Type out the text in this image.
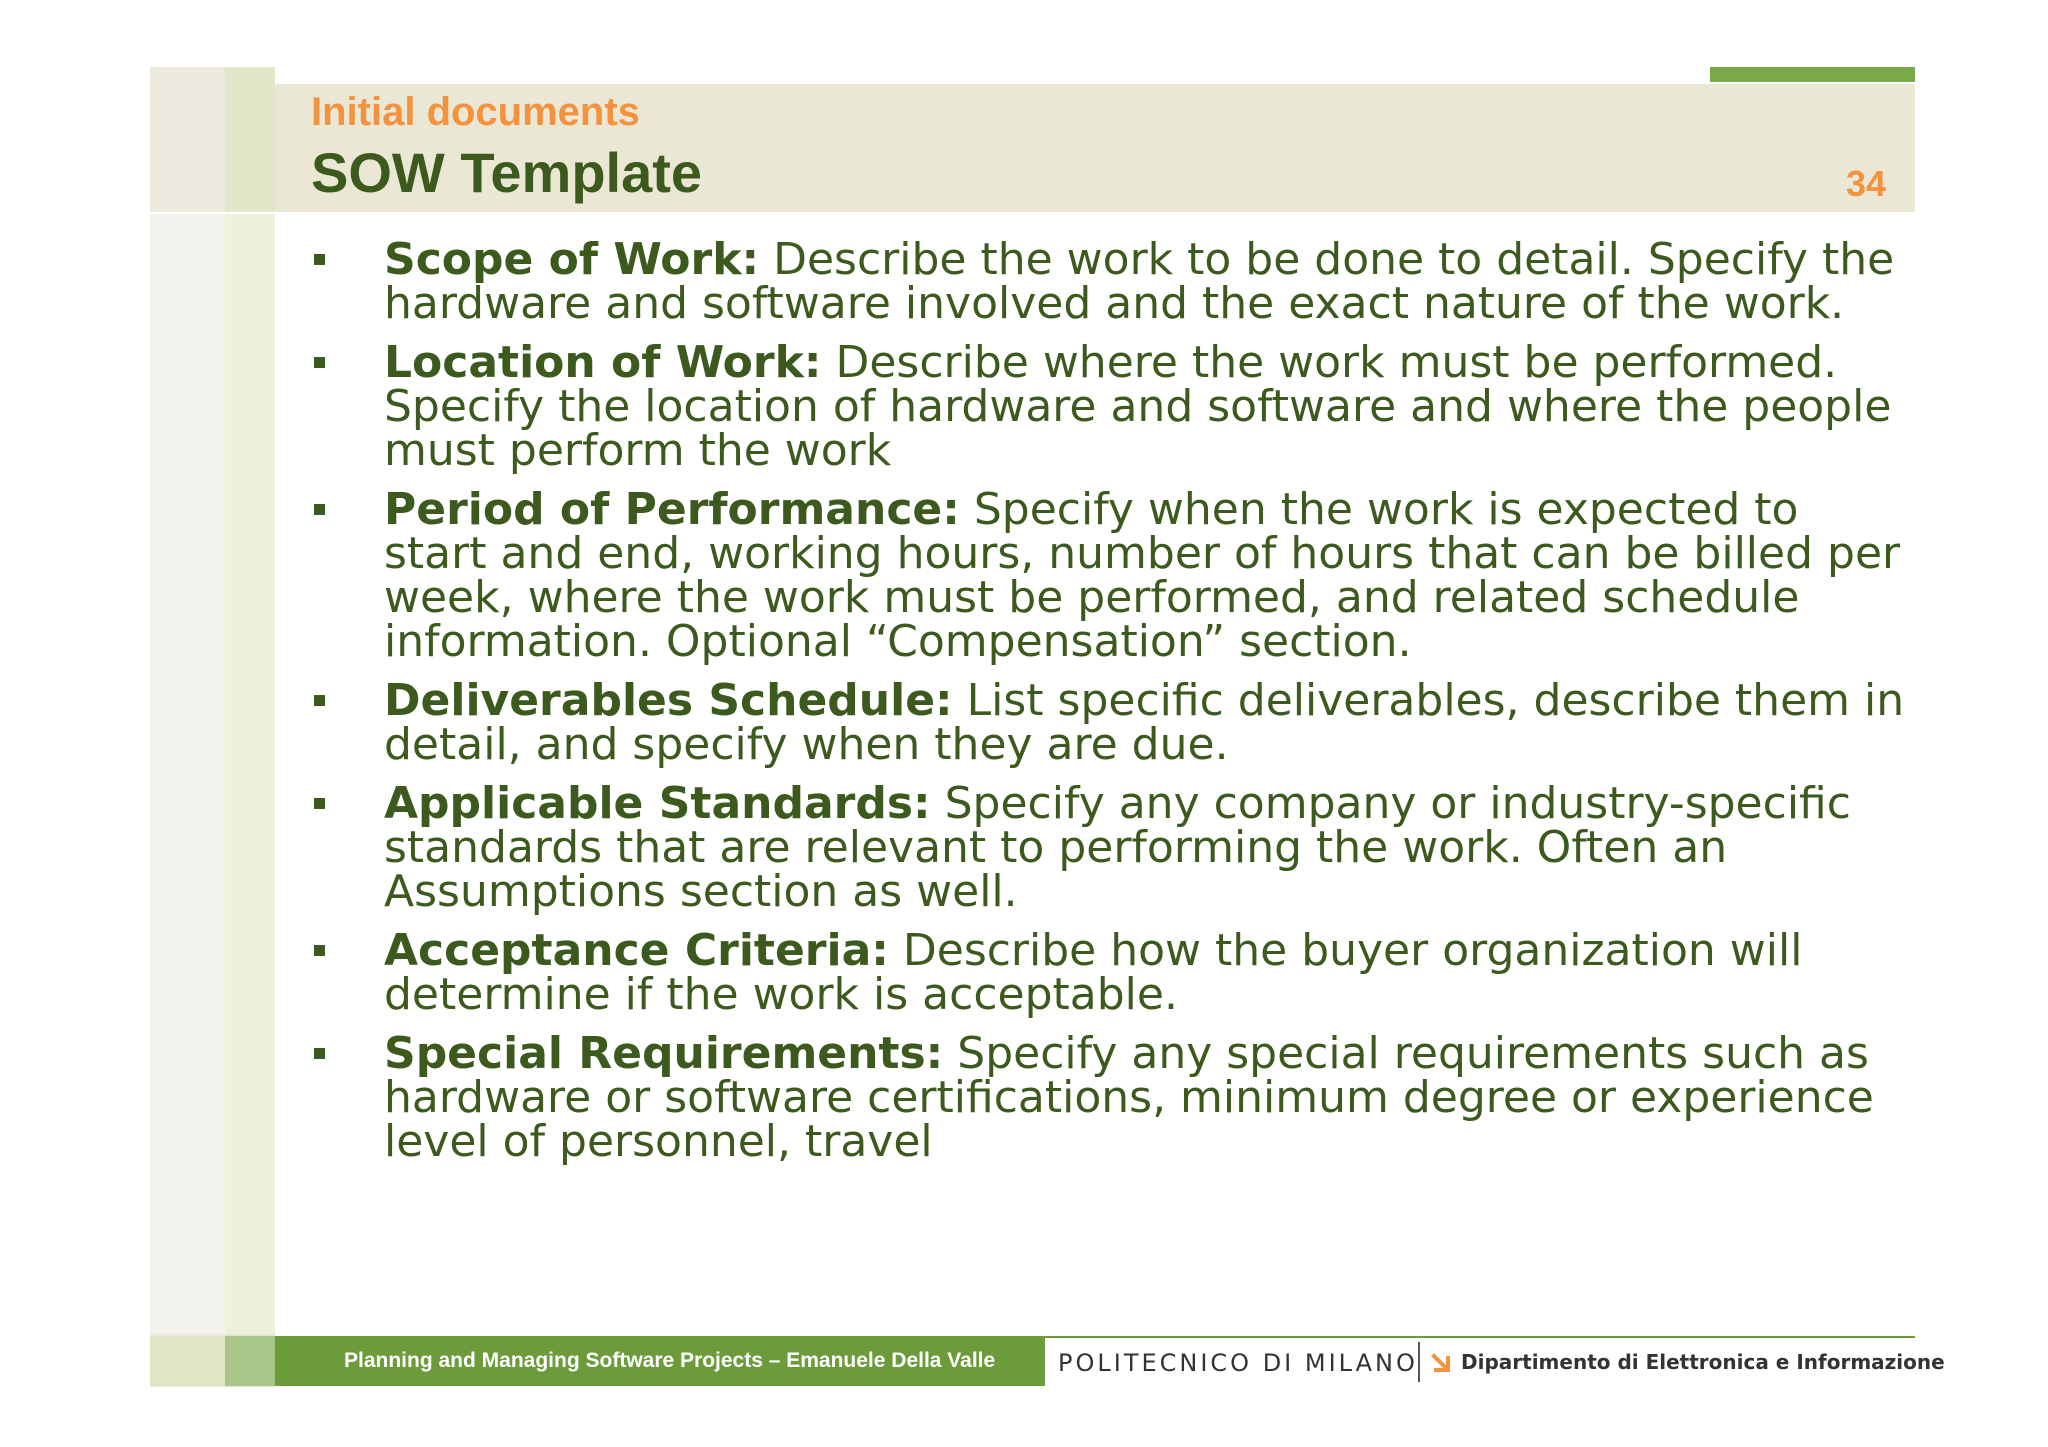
Initial documents
SOW Template	34
Scope of Work: Describe the work to be done to detail. Specify the hardware and software involved and the exact nature of the work.
Location of Work: Describe where the work must be performed. Specify the location of hardware and software and where the people must perform the work
Period of Performance: Specify when the work is expected to start and end, working hours, number of hours that can be billed per week, where the work must be performed, and related schedule information. Optional “Compensation” section.
Deliverables Schedule: List specific deliverables, describe them in detail, and specify when they are due.
Applicable Standards: Specify any company or industry-specific standards that are relevant to performing the work. Often an Assumptions section as well.
Acceptance Criteria: Describe how the buyer organization will determine if the work is acceptable.
Special Requirements: Specify any special requirements such as hardware or software certifications, minimum degree or experience level of personnel, travel
Planning and Managing Software Projects – Emanuele Della Valle	POLITECNICO DI MILANO Dipartimento di Elettronica e Informazione
